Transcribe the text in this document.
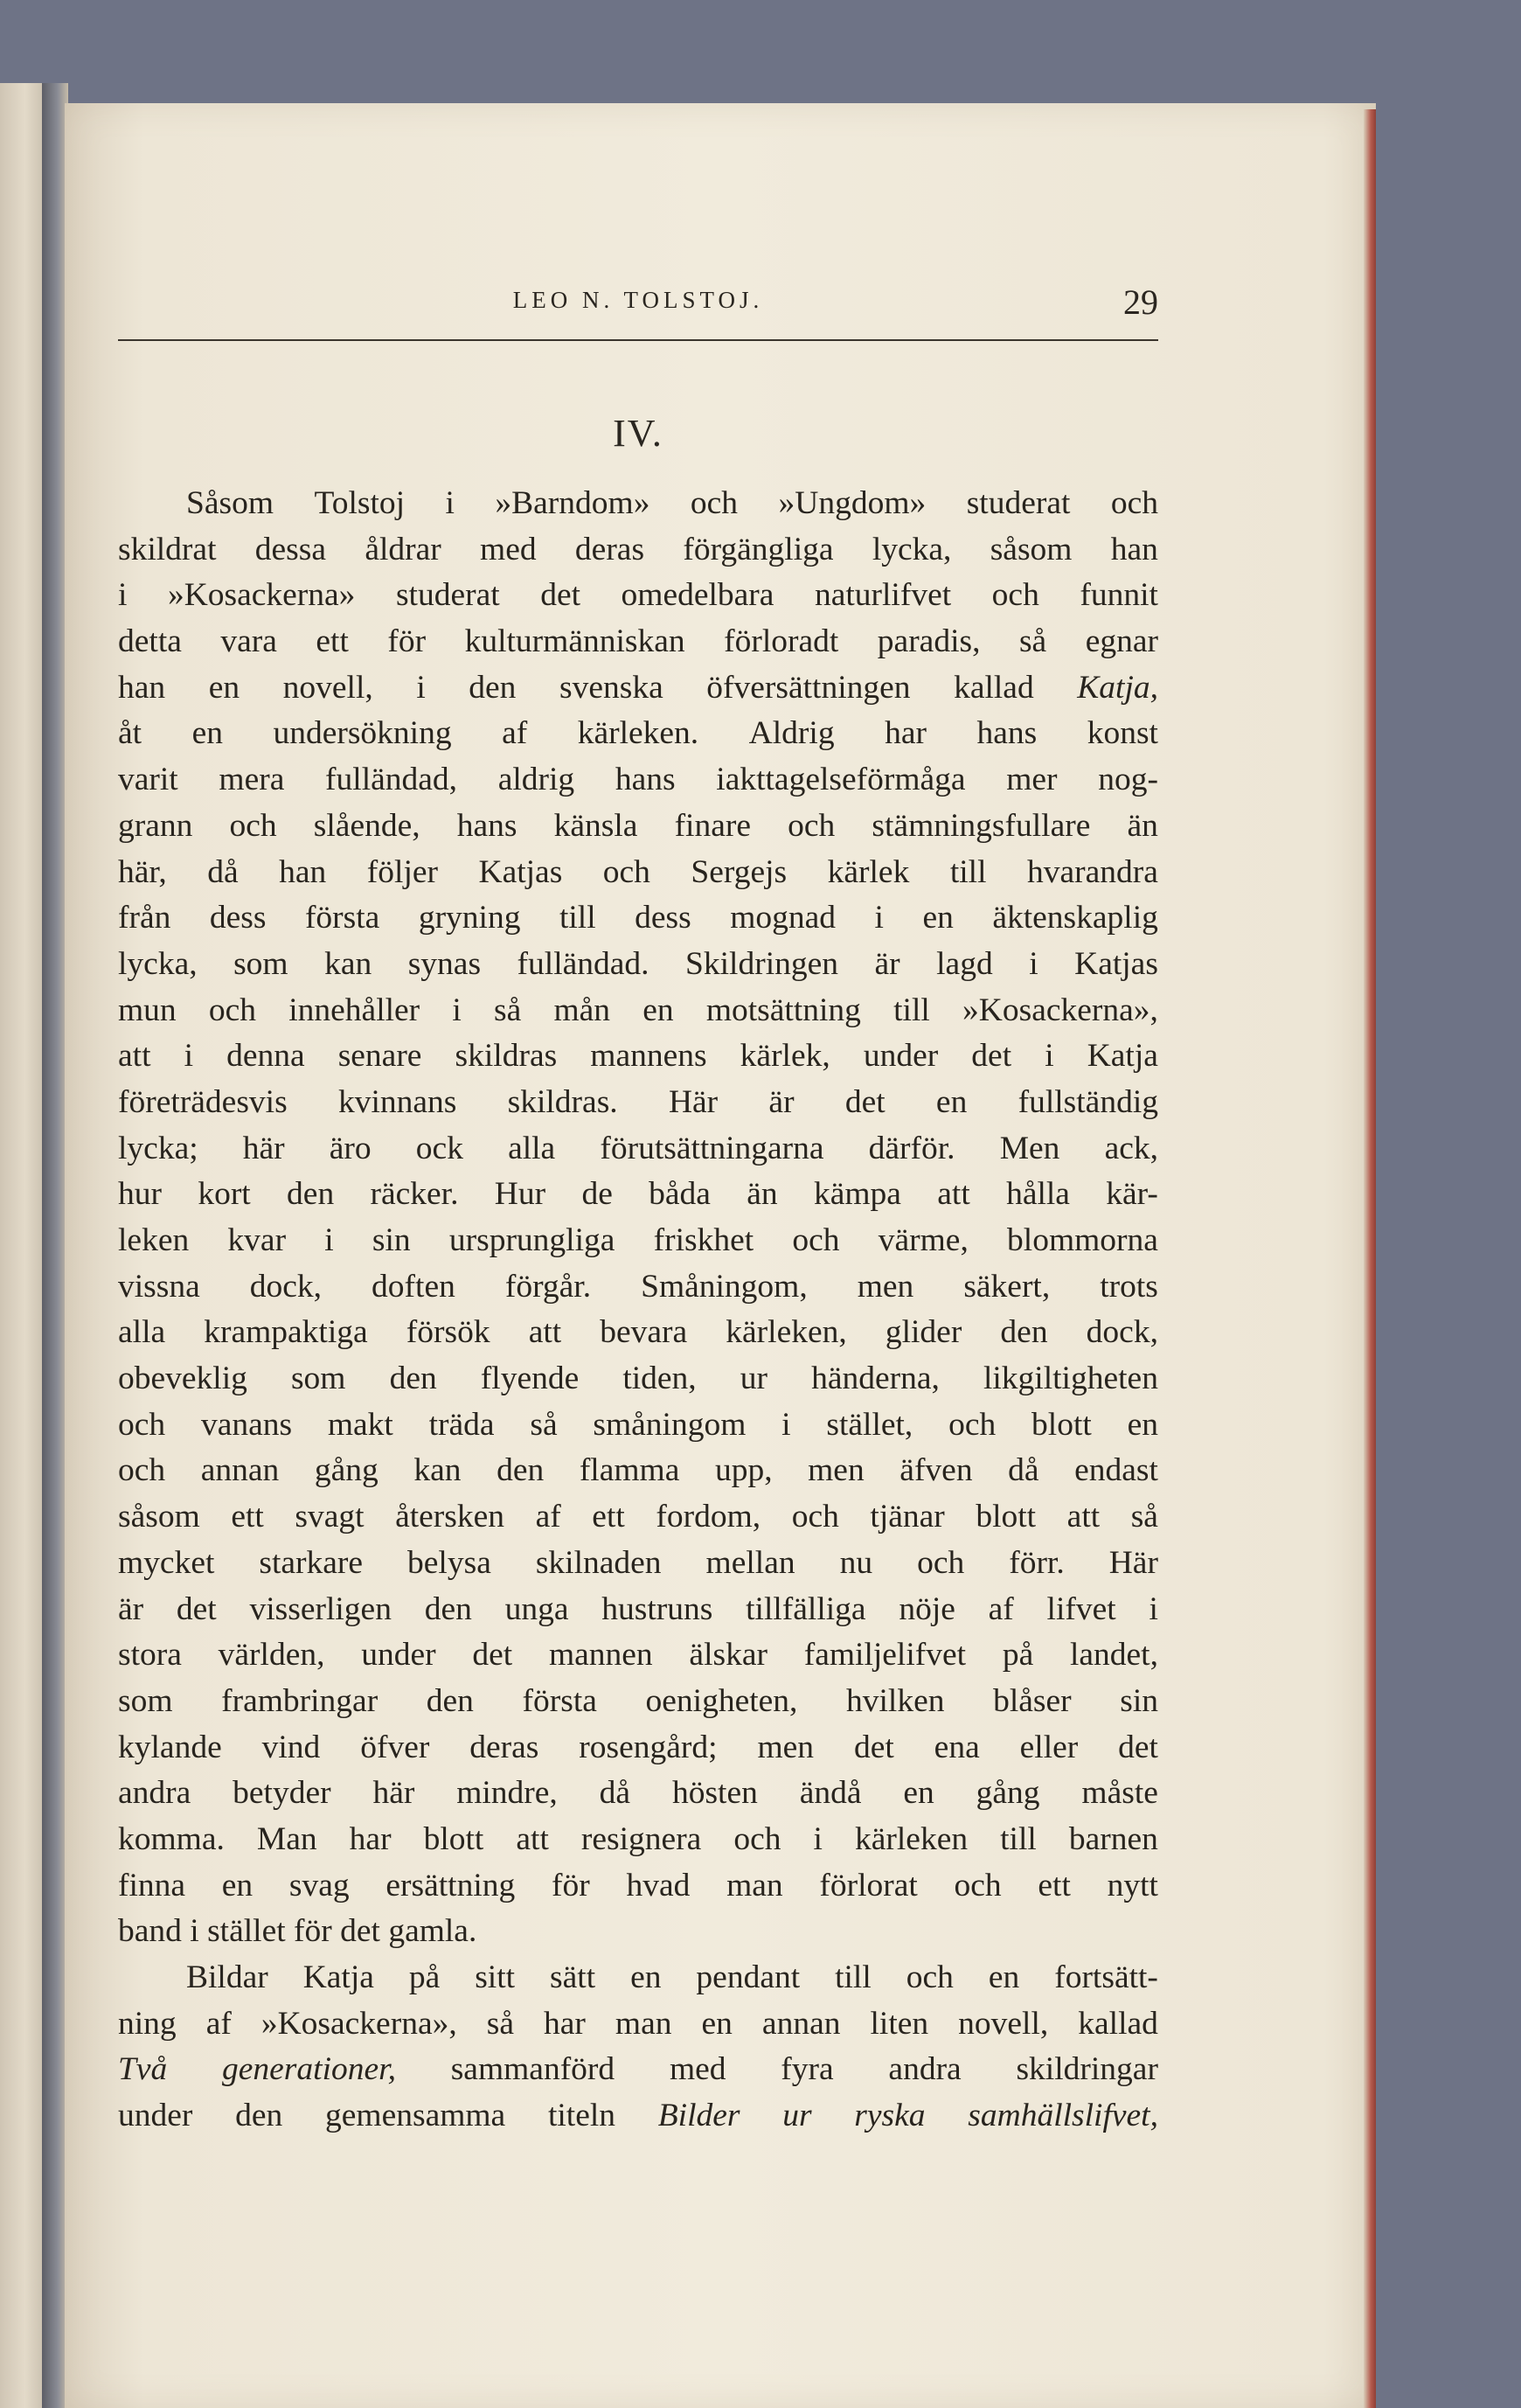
LEO N. TOLSTOJ.	29
IV.
Såsom Tolstoj i »Barndom» och »Ungdom» studerat och
skildrat dessa åldrar med deras förgängliga lycka, såsom han
i »Kosackerna» studerat det omedelbara naturlifvet och funnit
detta vara ett för kulturmänniskan förloradt paradis, så egnar
han en novell, i den svenska öfversättningen kallad Katja,
åt en undersökning af kärleken. Aldrig har hans konst
varit mera fulländad, aldrig hans iakttagelseförmåga mer nog-
grann och slående, hans känsla finare och stämningsfullare än
här, då han följer Katjas och Sergejs kärlek till hvarandra
från dess första gryning till dess mognad i en äktenskaplig
lycka, som kan synas fulländad. Skildringen är lagd i Katjas
mun och innehåller i så mån en motsättning till »Kosackerna»,
att i denna senare skildras mannens kärlek, under det i Katja
företrädesvis kvinnans skildras. Här är det en fullständig
lycka; här äro ock alla förutsättningarna därför. Men ack,
hur kort den räcker. Hur de båda än kämpa att hålla kär-
leken kvar i sin ursprungliga friskhet och värme, blommorna
vissna dock, doften förgår. Småningom, men säkert, trots
alla krampaktiga försök att bevara kärleken, glider den dock,
obeveklig som den flyende tiden, ur händerna, likgiltigheten
och vanans makt träda så småningom i stället, och blott en
och annan gång kan den flamma upp, men äfven då endast
såsom ett svagt återsken af ett fordom, och tjänar blott att så
mycket starkare belysa skilnaden mellan nu och förr. Här
är det visserligen den unga hustruns tillfälliga nöje af lifvet i
stora världen, under det mannen älskar familjelifvet på landet,
som frambringar den första oenigheten, hvilken blåser sin
kylande vind öfver deras rosengård; men det ena eller det
andra betyder här mindre, då hösten ändå en gång måste
komma. Man har blott att resignera och i kärleken till barnen
finna en svag ersättning för hvad man förlorat och ett nytt
band i stället för det gamla.
Bildar Katja på sitt sätt en pendant till och en fortsätt-
ning af »Kosackerna», så har man en annan liten novell, kallad
Två generationer, sammanförd med fyra andra skildringar
under den gemensamma titeln Bilder ur ryska samhällslifvet,
